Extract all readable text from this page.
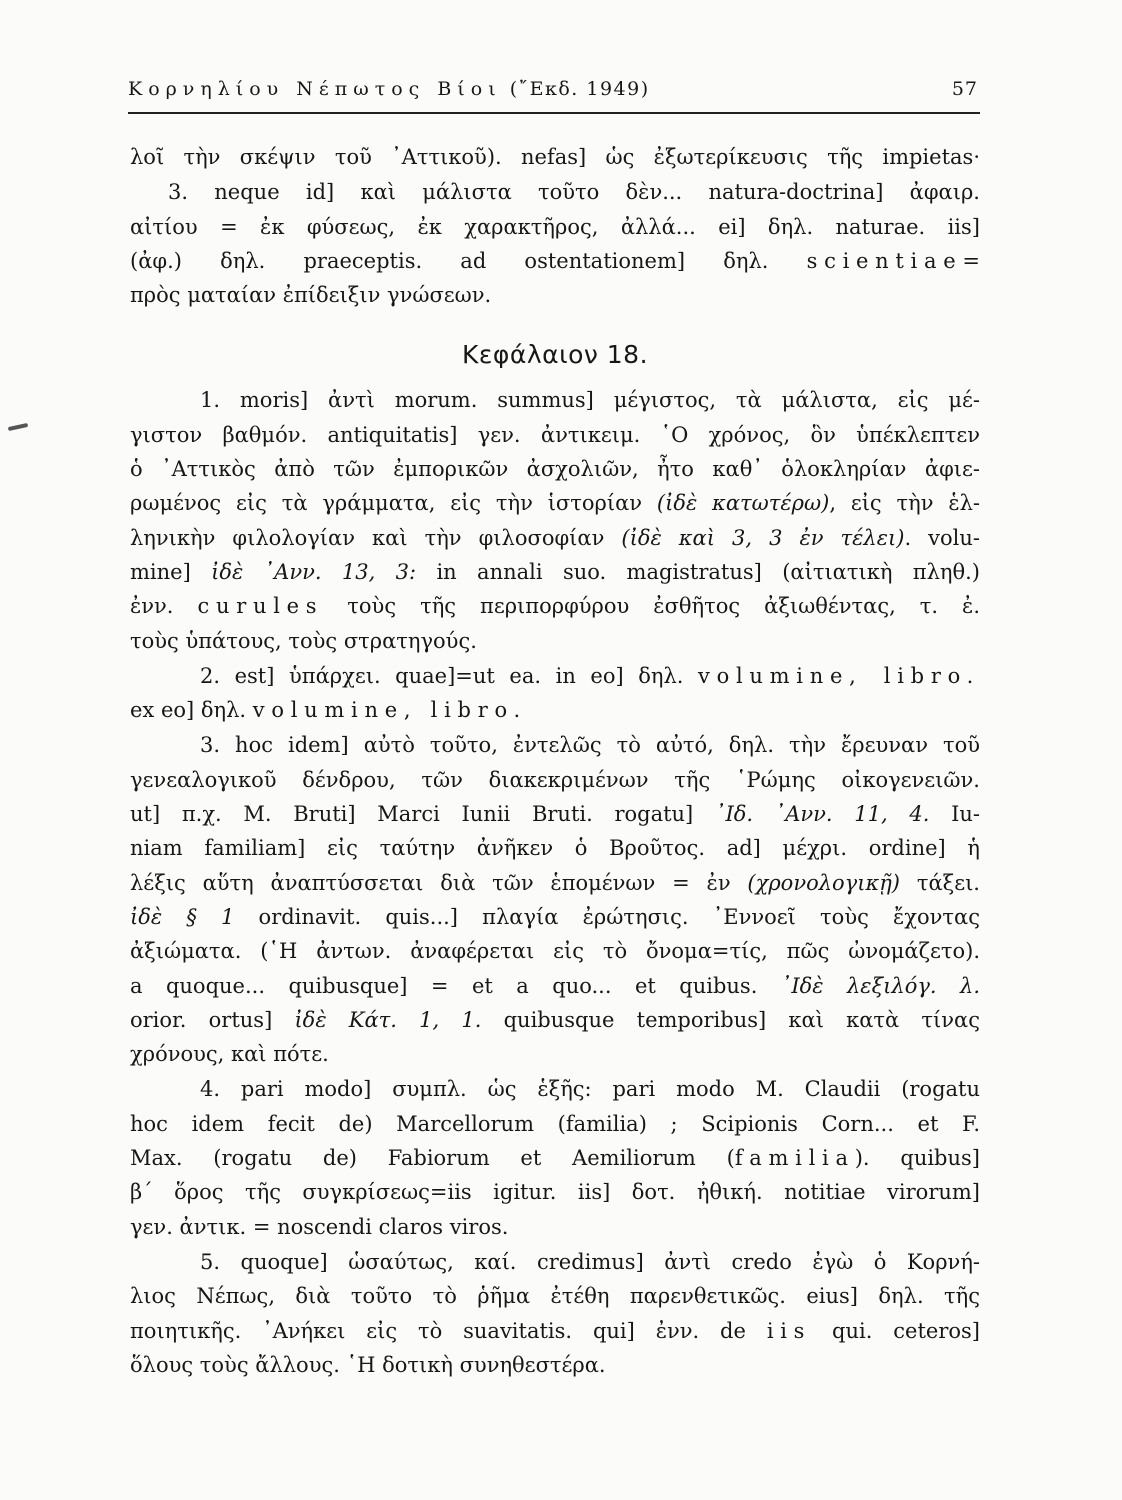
Κορνηλίου Νέπωτος Βίοι (῎Εκδ. 1949)	57
λοῖ τὴν σκέψιν τοῦ ᾿Αττικοῦ). nefas] ὡς ἐξωτερίκευσις τῆς impietas·
3. neque id] καὶ μάλιστα τοῦτο δὲν... natura-doctrina] ἀφαιρ.
αἰτίου = ἐκ φύσεως, ἐκ χαρακτῆρος, ἀλλά... ei] δηλ. naturae. iis]
(ἀφ.) δηλ. praeceptis. ad ostentationem] δηλ. scientiae=
πρὸς ματαίαν ἐπίδειξιν γνώσεων.
Κεφάλαιον 18.
1. moris] ἀντὶ morum. summus] μέγιστος, τὰ μάλιστα, εἰς μέ-
γιστον βαθμόν. antiquitatis] γεν. ἀντικειμ. ῾Ο χρόνος, ὃν ὑπέκλεπτεν
ὁ ᾿Αττικὸς ἀπὸ τῶν ἐμπορικῶν ἀσχολιῶν, ἦτο καθ᾿ ὁλοκληρίαν ἀφιε-
ρωμένος εἰς τὰ γράμματα, εἰς τὴν ἱστορίαν (ἰδὲ κατωτέρω), εἰς τὴν ἑλ-
ληνικὴν φιλολογίαν καὶ τὴν φιλοσοφίαν (ἰδὲ καὶ 3, 3 ἐν τέλει). volu-
mine] ἰδὲ ᾿Ανν. 13, 3: in annali suo. magistratus] (αἰτιατικὴ πληθ.)
ἐνν. curules τοὺς τῆς περιπορφύρου ἐσθῆτος ἀξιωθέντας, τ. ἐ.
τοὺς ὑπάτους, τοὺς στρατηγούς.
2. est] ὑπάρχει. quae]=ut ea. in eo] δηλ. volumine, libro.
ex eo] δηλ. volumine, libro.
3. hoc idem] αὐτὸ τοῦτο, ἐντελῶς τὸ αὐτό, δηλ. τὴν ἔρευναν τοῦ
γενεαλογικοῦ δένδρου, τῶν διακεκριμένων τῆς ῾Ρώμης οἰκογενειῶν.
ut] π.χ. M. Bruti] Marci Iunii Bruti. rogatu] ᾿Ιδ. ᾿Ανν. 11, 4. Iu-
niam familiam] εἰς ταύτην ἀνῆκεν ὁ Βροῦτος. ad] μέχρι. ordine] ἡ
λέξις αὕτη ἀναπτύσσεται διὰ τῶν ἑπομένων = ἐν (χρονολογικῇ) τάξει.
ἰδὲ § 1 ordinavit. quis...] πλαγία ἐρώτησις. ᾿Εννοεῖ τοὺς ἔχοντας
ἀξιώματα. (῾Η ἀντων. ἀναφέρεται εἰς τὸ ὄνομα=τίς, πῶς ὠνομάζετο).
a quoque... quibusque] = et a quo... et quibus. ᾿Ιδὲ λεξιλόγ. λ.
orior. ortus] ἰδὲ Κάτ. 1, 1. quibusque temporibus] καὶ κατὰ τίνας
χρόνους, καὶ πότε.
4. pari modo] συμπλ. ὡς ἑξῆς: pari modo M. Claudii (rogatu
hoc idem fecit de) Marcellorum (familia) ; Scipionis Corn... et F.
Max. (rogatu de) Fabiorum et Aemiliorum (familia). quibus]
β΄ ὅρος τῆς συγκρίσεως=iis igitur. iis] δοτ. ἠθική. notitiae virorum]
γεν. ἀντικ. = noscendi claros viros.
5. quoque] ὡσαύτως, καί. credimus] ἀντὶ credo ἐγὼ ὁ Κορνή-
λιος Νέπως, διὰ τοῦτο τὸ ῥῆμα ἐτέθη παρενθετικῶς. eius] δηλ. τῆς
ποιητικῆς. ᾿Ανήκει εἰς τὸ suavitatis. qui] ἐνν. de iis qui. ceteros]
ὅλους τοὺς ἄλλους. ῾Η δοτικὴ συνηθεστέρα.
